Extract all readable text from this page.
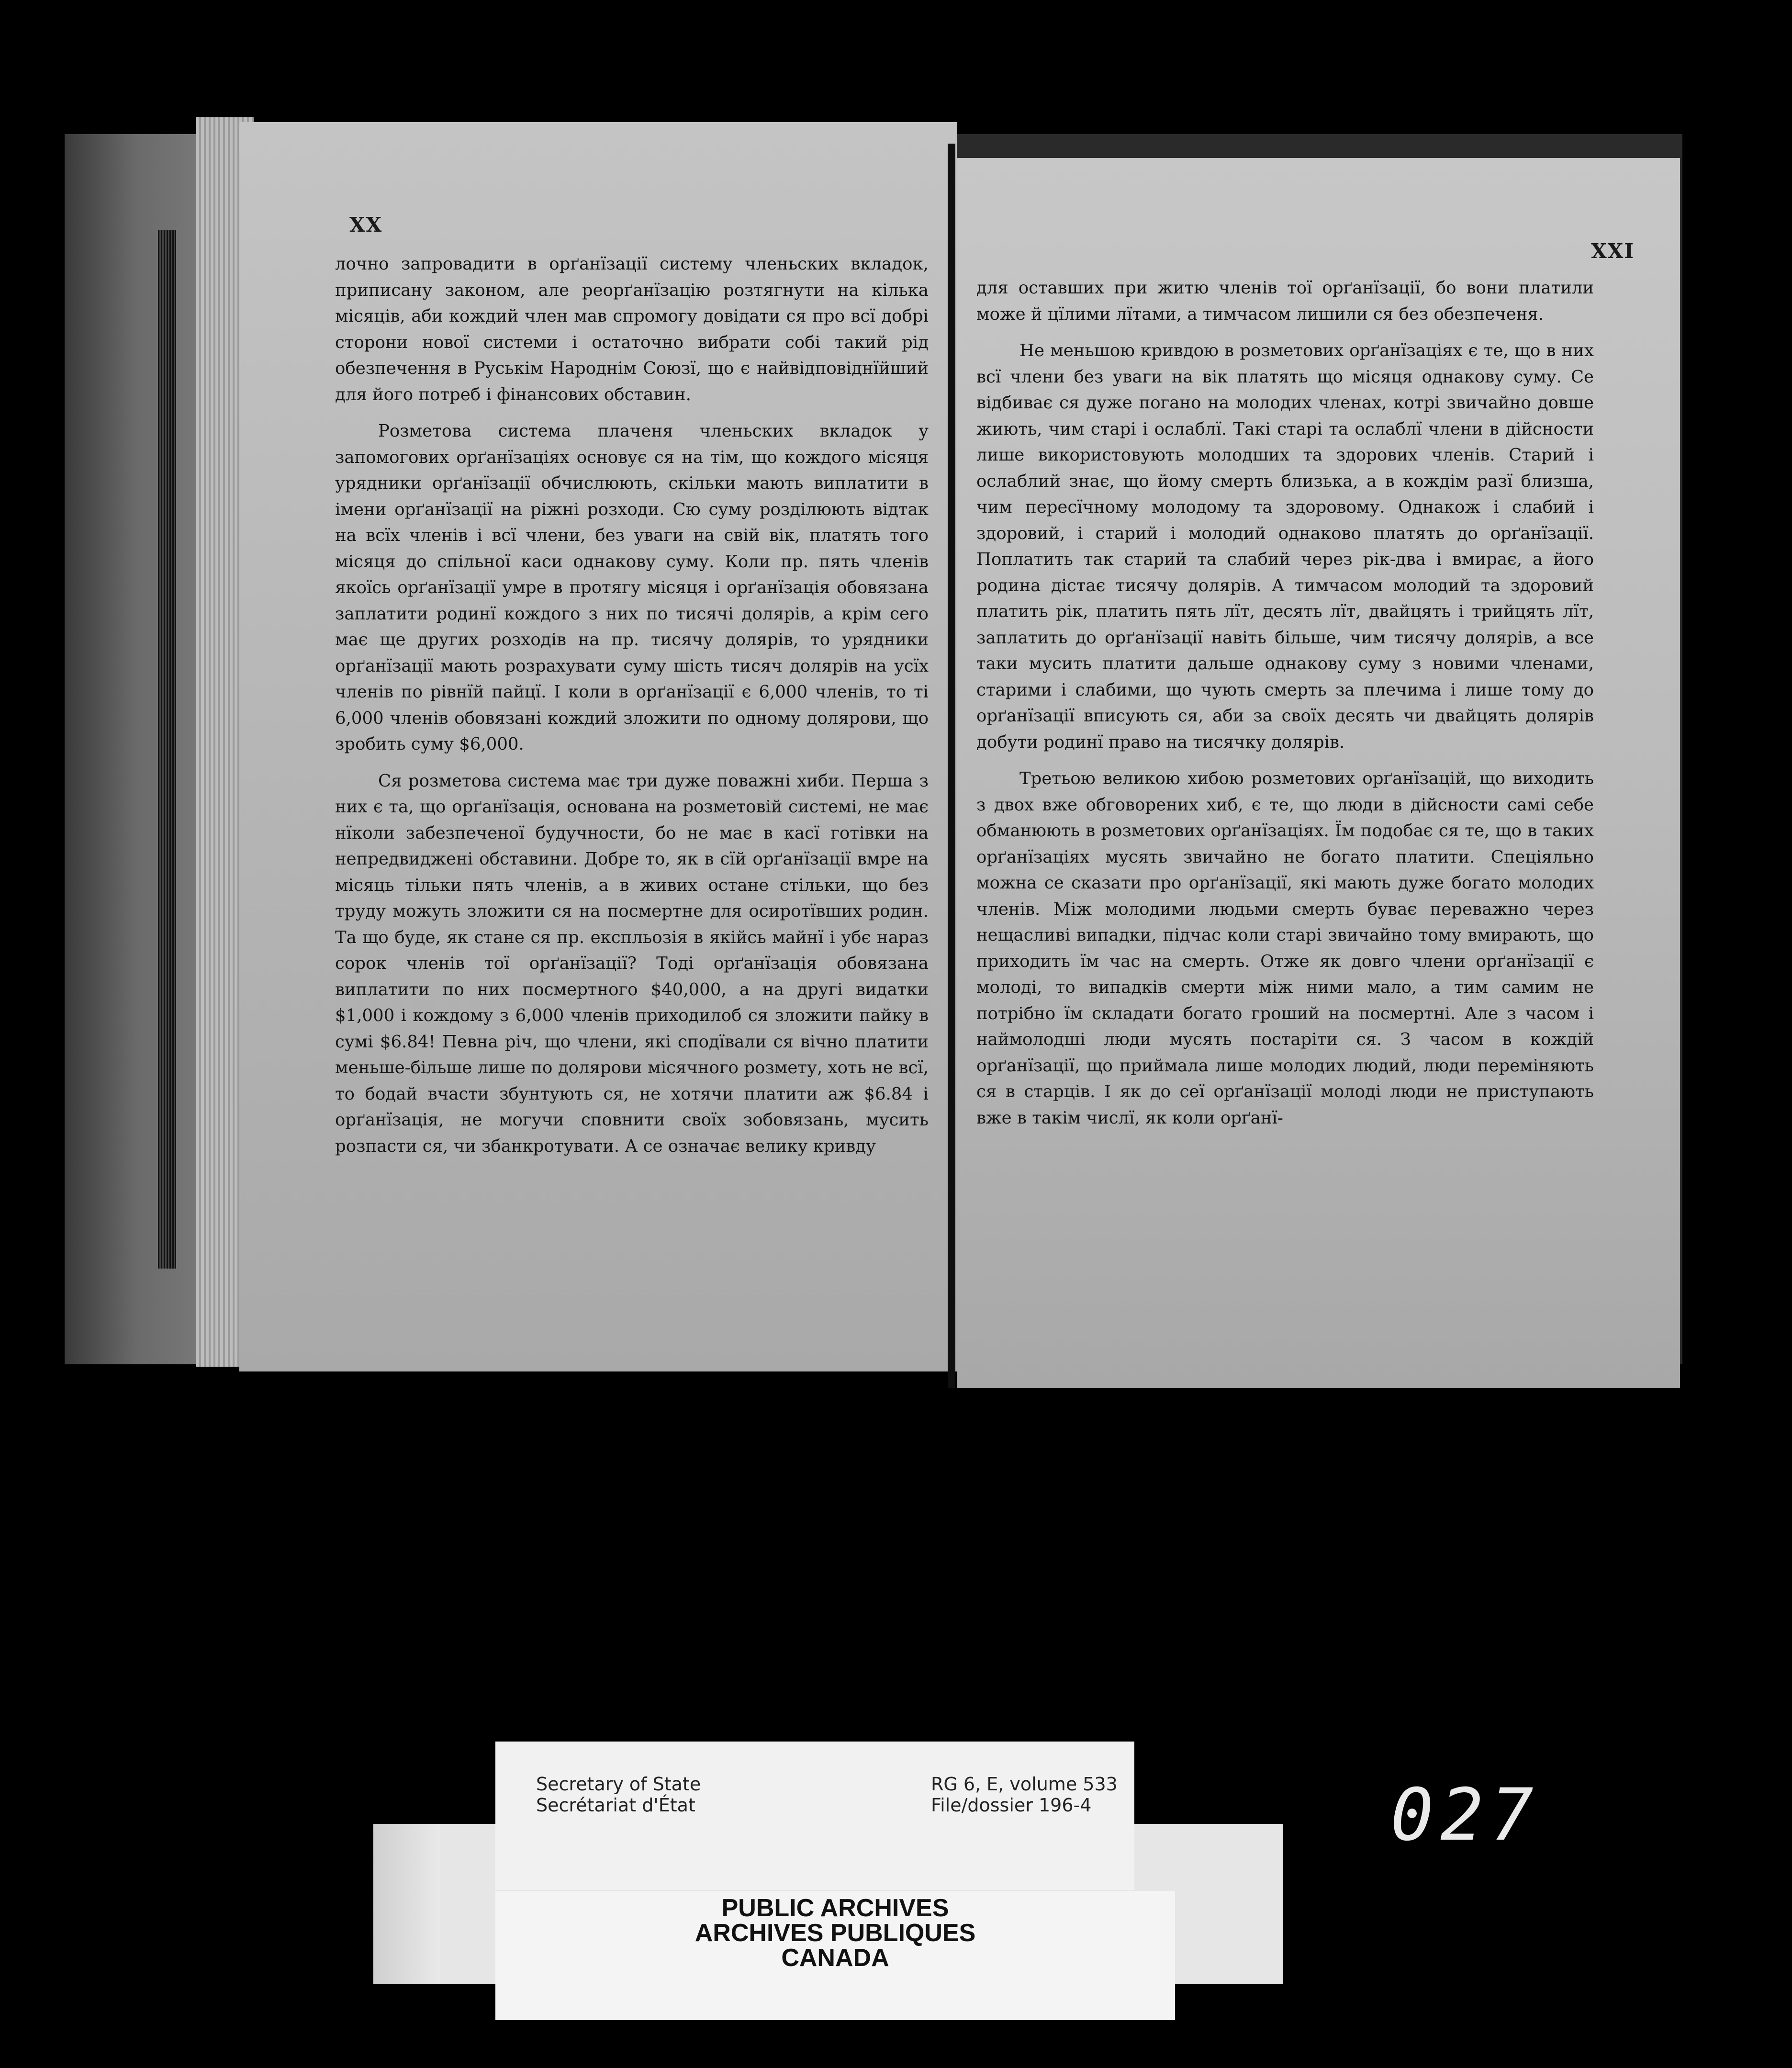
XX

лочно запровадити в орґанїзації систему членьских вкладок, приписану законом, але реорґанїзацію розтягнути на кілька місяців, аби кождий член мав спромогу довідати ся про всї добрі сторони нової системи і остаточно вибрати собі такий рід обезпечення в Руськім Народнім Союзї, що є найвідповіднїйший для його потреб і фінансових обставин.

Розметова система плаченя членьских вкладок у запомогових орґанїзаціях основує ся на тім, що кождого місяця урядники орґанїзації обчислюють, скільки мають виплатити в імени орґанїзації на ріжні розходи. Сю суму розділюють відтак на всїх членів і всї члени, без уваги на свій вік, платять того місяця до спільної каси однакову суму. Коли пр. пять членів якоїсь орґанїзації умре в протягу місяця і орґанїзація обовязана заплатити родинї кождого з них по тисячі долярів, а крім сего має ще других розходів на пр. тисячу долярів, то урядники орґанїзації мають розрахувати суму шість тисяч долярів на усїх членів по рівнїй пайцї. І коли в орґанїзації є 6,000 членів, то ті 6,000 членів обовязані кождий зложити по одному долярови, що зробить суму $6,000.

Ся розметова система має три дуже поважні хиби. Перша з них є та, що орґанїзація, основана на розметовій системі, не має нїколи забезпеченої будучности, бо не має в касї готівки на непредвиджені обставини. Добре то, як в сїй орґанїзації вмре на місяць тільки пять членів, а в живих остане стільки, що без труду можуть зложити ся на посмертне для осиротївших родин. Та що буде, як стане ся пр. експльозія в якійсь майнї і убє нараз сорок членів тої орґанїзації? Тоді орґанїзація обовязана виплатити по них посмертного $40,000, а на другі видатки $1,000 і кождому з 6,000 членів приходилоб ся зложити пайку в сумі $6.84! Певна річ, що члени, які сподївали ся вічно платити меньше-більше лише по долярови місячного розмету, хоть не всї, то бодай вчасти збунтують ся, не хотячи платити аж $6.84 і орґанїзація, не могучи сповнити своїх зобовязань, мусить розпасти ся, чи збанкротувати. А се означає велику кривду

XXI

для оставших при житю членів тої орґанїзації, бо вони платили може й цїлими лїтами, а тимчасом лишили ся без обезпеченя.

Не меньшою кривдою в розметових орґанїзаціях є те, що в них всї члени без уваги на вік платять що місяця однакову суму. Се відбиває ся дуже погано на молодих членах, котрі звичайно довше жиють, чим старі і ослаблї. Такі старі та ослаблї члени в дійсности лише використовують молодших та здорових членів. Старий і ослаблий знає, що йому смерть близька, а в кождім разї близша, чим пересїчному молодому та здоровому. Однакож і слабий і здоровий, і старий і молодий однаково платять до орґанїзації. Поплатить так старий та слабий через рік-два і вмирає, а його родина дістає тисячу долярів. А тимчасом молодий та здоровий платить рік, платить пять лїт, десять лїт, двайцять і трийцять лїт, заплатить до орґанїзації навіть більше, чим тисячу долярів, а все таки мусить платити дальше однакову суму з новими членами, старими і слабими, що чують смерть за плечима і лише тому до орґанїзації вписують ся, аби за своїх десять чи двайцять долярів добути родинї право на тисячку долярів.

Третьою великою хибою розметових орґанїзацій, що виходить з двох вже обговорених хиб, є те, що люди в дійсности самі себе обманюють в розметових орґанїзаціях. Їм подобає ся те, що в таких орґанїзаціях мусять звичайно не богато платити. Спеціяльно можна се сказати про орґанїзації, які мають дуже богато молодих членів. Між молодими людьми смерть буває переважно через нещасливі випадки, підчас коли старі звичайно тому вмирають, що приходить їм час на смерть. Отже як довго члени орґанїзації є молоді, то випадків смерти між ними мало, а тим самим не потрібно їм складати богато гроший на посмертні. Але з часом і наймолодші люди мусять постаріти ся. З часом в кождій орґанїзації, що приймала лише молодих людий, люди переміняють ся в старців. І як до сеї орґанїзації молоді люди не приступають вже в такім числї, як коли орґанї-

Secretary of State
Secrétariat d'État
RG 6, E, volume 533
File/dossier 196-4
PUBLIC ARCHIVES
ARCHIVES PUBLIQUES
CANADA
027
